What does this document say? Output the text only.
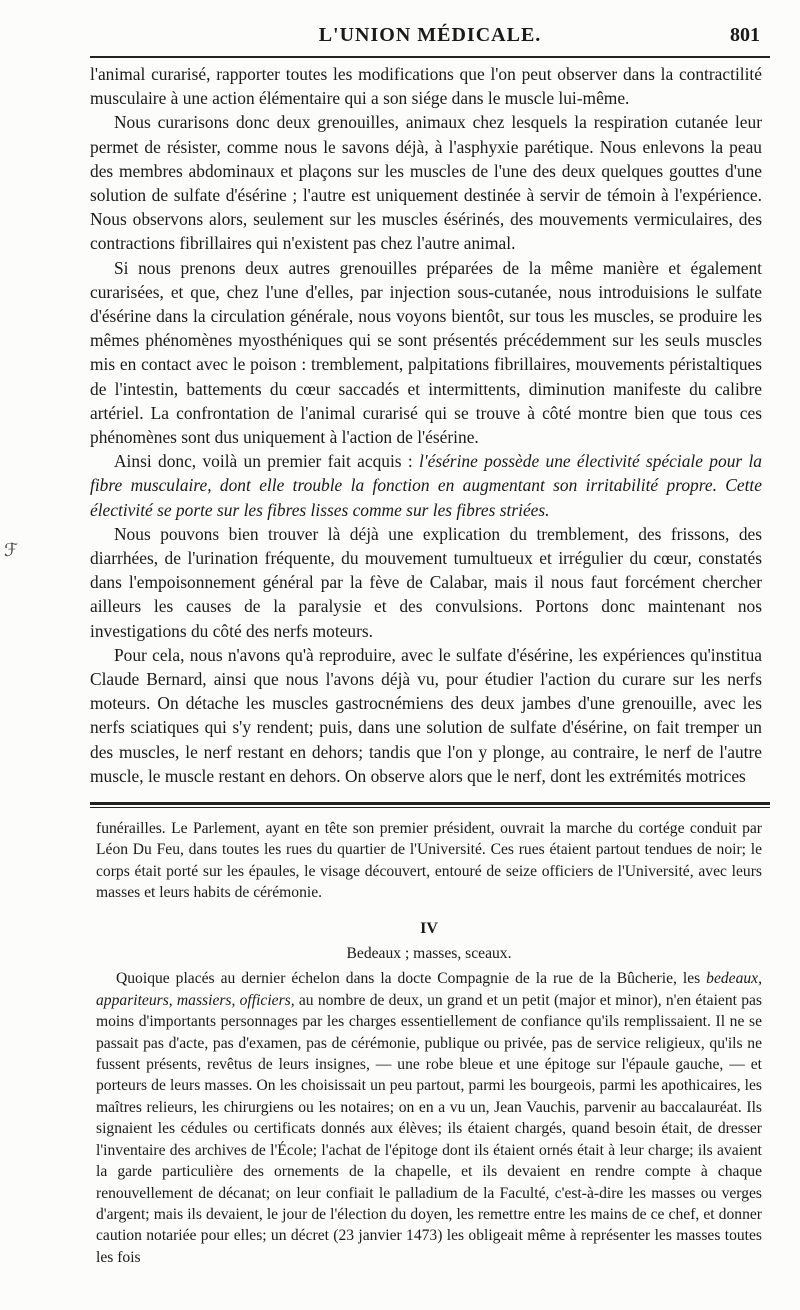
L'UNION MÉDICALE.	801

l'animal curarisé, rapporter toutes les modifications que l'on peut observer dans la contractilité musculaire à une action élémentaire qui a son siége dans le muscle lui-même.

Nous curarisons donc deux grenouilles, animaux chez lesquels la respiration cutanée leur permet de résister, comme nous le savons déjà, à l'asphyxie parétique. Nous enlevons la peau des membres abdominaux et plaçons sur les muscles de l'une des deux quelques gouttes d'une solution de sulfate d'ésérine ; l'autre est uniquement destinée à servir de témoin à l'expérience. Nous observons alors, seulement sur les muscles ésérinés, des mouvements vermiculaires, des contractions fibrillaires qui n'existent pas chez l'autre animal.

Si nous prenons deux autres grenouilles préparées de la même manière et également curarisées, et que, chez l'une d'elles, par injection sous-cutanée, nous introduisions le sulfate d'ésérine dans la circulation générale, nous voyons bientôt, sur tous les muscles, se produire les mêmes phénomènes myosthéniques qui se sont présentés précédemment sur les seuls muscles mis en contact avec le poison : tremblement, palpitations fibrillaires, mouvements péristaltiques de l'intestin, battements du cœur saccadés et intermittents, diminution manifeste du calibre artériel. La confrontation de l'animal curarisé qui se trouve à côté montre bien que tous ces phénomènes sont dus uniquement à l'action de l'ésérine.

Ainsi donc, voilà un premier fait acquis : l'ésérine possède une électivité spéciale pour la fibre musculaire, dont elle trouble la fonction en augmentant son irritabilité propre. Cette électivité se porte sur les fibres lisses comme sur les fibres striées.

Nous pouvons bien trouver là déjà une explication du tremblement, des frissons, des diarrhées, de l'urination fréquente, du mouvement tumultueux et irrégulier du cœur, constatés dans l'empoisonnement général par la fève de Calabar, mais il nous faut forcément chercher ailleurs les causes de la paralysie et des convulsions. Portons donc maintenant nos investigations du côté des nerfs moteurs.

Pour cela, nous n'avons qu'à reproduire, avec le sulfate d'ésérine, les expériences qu'institua Claude Bernard, ainsi que nous l'avons déjà vu, pour étudier l'action du curare sur les nerfs moteurs. On détache les muscles gastrocnémiens des deux jambes d'une grenouille, avec les nerfs sciatiques qui s'y rendent; puis, dans une solution de sulfate d'ésérine, on fait tremper un des muscles, le nerf restant en dehors; tandis que l'on y plonge, au contraire, le nerf de l'autre muscle, le muscle restant en dehors. On observe alors que le nerf, dont les extrémités motrices

funérailles. Le Parlement, ayant en tête son premier président, ouvrait la marche du cortége conduit par Léon Du Feu, dans toutes les rues du quartier de l'Université. Ces rues étaient partout tendues de noir; le corps était porté sur les épaules, le visage découvert, entouré de seize officiers de l'Université, avec leurs masses et leurs habits de cérémonie.

IV
Bedeaux ; masses, sceaux.

Quoique placés au dernier échelon dans la docte Compagnie de la rue de la Bûcherie, les bedeaux, appariteurs, massiers, officiers, au nombre de deux, un grand et un petit (major et minor), n'en étaient pas moins d'importants personnages par les charges essentiellement de confiance qu'ils remplissaient. Il ne se passait pas d'acte, pas d'examen, pas de cérémonie, publique ou privée, pas de service religieux, qu'ils ne fussent présents, revêtus de leurs insignes, — une robe bleue et une épitoge sur l'épaule gauche, — et porteurs de leurs masses. On les choisissait un peu partout, parmi les bourgeois, parmi les apothicaires, les maîtres relieurs, les chirurgiens ou les notaires; on en a vu un, Jean Vauchis, parvenir au baccalauréat. Ils signaient les cédules ou certificats donnés aux élèves; ils étaient chargés, quand besoin était, de dresser l'inventaire des archives de l'École; l'achat de l'épitoge dont ils étaient ornés était à leur charge; ils avaient la garde particulière des ornements de la chapelle, et ils devaient en rendre compte à chaque renouvellement de décanat; on leur confiait le palladium de la Faculté, c'est-à-dire les masses ou verges d'argent; mais ils devaient, le jour de l'élection du doyen, les remettre entre les mains de ce chef, et donner caution notariée pour elles; un décret (23 janvier 1473) les obligeait même à représenter les masses toutes les fois

ℱ
